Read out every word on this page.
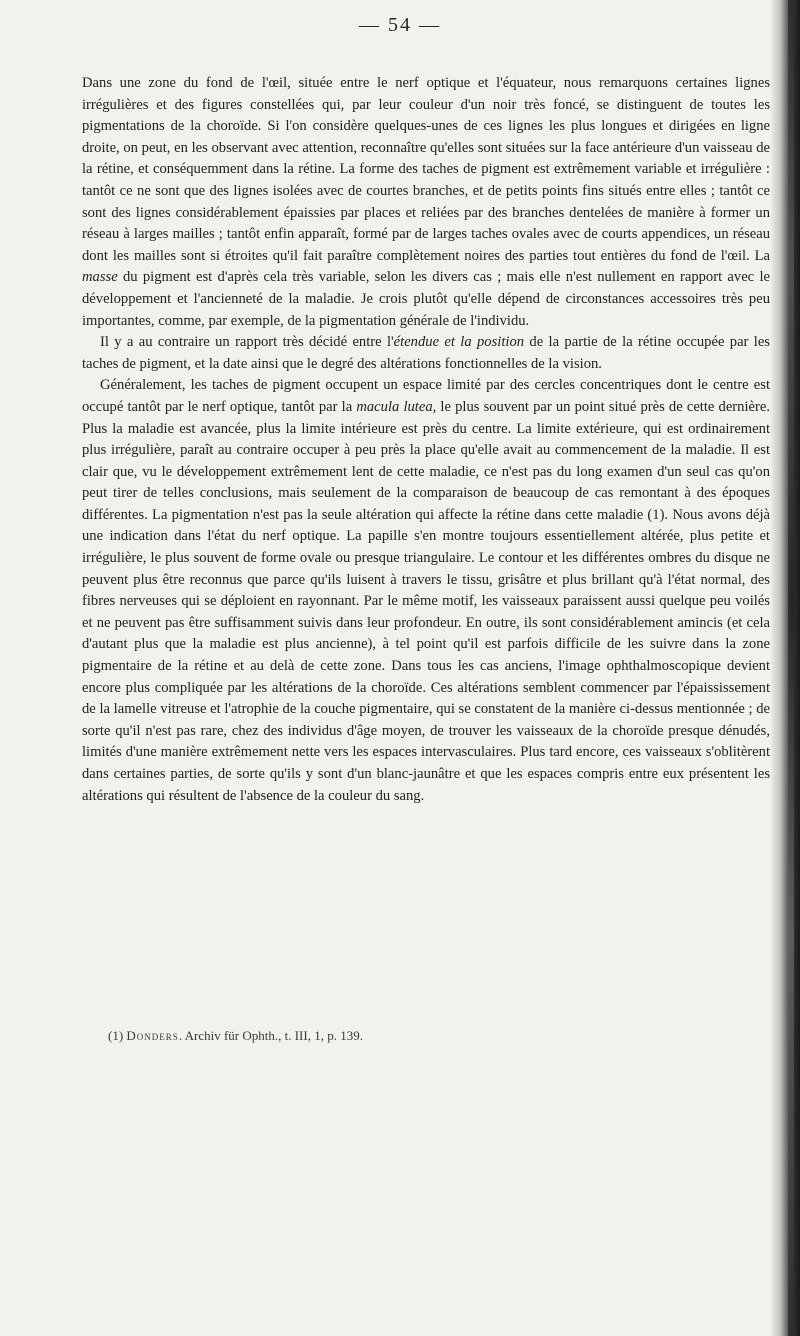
— 54 —

Dans une zone du fond de l'œil, située entre le nerf optique et l'équateur, nous remarquons certaines lignes irrégulières et des figures constellées qui, par leur couleur d'un noir très foncé, se distinguent de toutes les pigmentations de la choroïde. Si l'on considère quelques-unes de ces lignes les plus longues et dirigées en ligne droite, on peut, en les observant avec attention, reconnaître qu'elles sont situées sur la face antérieure d'un vaisseau de la rétine, et conséquemment dans la rétine. La forme des taches de pigment est extrêmement variable et irrégulière : tantôt ce ne sont que des lignes isolées avec de courtes branches, et de petits points fins situés entre elles ; tantôt ce sont des lignes considérablement épaissies par places et reliées par des branches dentelées de manière à former un réseau à larges mailles ; tantôt enfin apparaît, formé par de larges taches ovales avec de courts appendices, un réseau dont les mailles sont si étroites qu'il fait paraître complètement noires des parties tout entières du fond de l'œil. La masse du pigment est d'après cela très variable, selon les divers cas ; mais elle n'est nullement en rapport avec le développement et l'ancienneté de la maladie. Je crois plutôt qu'elle dépend de circonstances accessoires très peu importantes, comme, par exemple, de la pigmentation générale de l'individu.

Il y a au contraire un rapport très décidé entre l'étendue et la position de la partie de la rétine occupée par les taches de pigment, et la date ainsi que le degré des altérations fonctionnelles de la vision.

Généralement, les taches de pigment occupent un espace limité par des cercles concentriques dont le centre est occupé tantôt par le nerf optique, tantôt par la macula lutea, le plus souvent par un point situé près de cette dernière. Plus la maladie est avancée, plus la limite intérieure est près du centre. La limite extérieure, qui est ordinairement plus irrégulière, paraît au contraire occuper à peu près la place qu'elle avait au commencement de la maladie. Il est clair que, vu le développement extrêmement lent de cette maladie, ce n'est pas du long examen d'un seul cas qu'on peut tirer de telles conclusions, mais seulement de la comparaison de beaucoup de cas remontant à des époques différentes. La pigmentation n'est pas la seule altération qui affecte la rétine dans cette maladie (1). Nous avons déjà une indication dans l'état du nerf optique. La papille s'en montre toujours essentiellement altérée, plus petite et irrégulière, le plus souvent de forme ovale ou presque triangulaire. Le contour et les différentes ombres du disque ne peuvent plus être reconnus que parce qu'ils luisent à travers le tissu, grisâtre et plus brillant qu'à l'état normal, des fibres nerveuses qui se déploient en rayonnant. Par le même motif, les vaisseaux paraissent aussi quelque peu voilés et ne peuvent pas être suffisamment suivis dans leur profondeur. En outre, ils sont considérablement amincis (et cela d'autant plus que la maladie est plus ancienne), à tel point qu'il est parfois difficile de les suivre dans la zone pigmentaire de la rétine et au delà de cette zone. Dans tous les cas anciens, l'image ophthalmoscopique devient encore plus compliquée par les altérations de la choroïde. Ces altérations semblent commencer par l'épaississement de la lamelle vitreuse et l'atrophie de la couche pigmentaire, qui se constatent de la manière ci-dessus mentionnée ; de sorte qu'il n'est pas rare, chez des individus d'âge moyen, de trouver les vaisseaux de la choroïde presque dénudés, limités d'une manière extrêmement nette vers les espaces intervasculaires. Plus tard encore, ces vaisseaux s'oblitèrent dans certaines parties, de sorte qu'ils y sont d'un blanc-jaunâtre et que les espaces compris entre eux présentent les altérations qui résultent de l'absence de la couleur du sang.

(1) Donders. Archiv für Ophth., t. III, 1, p. 139.
